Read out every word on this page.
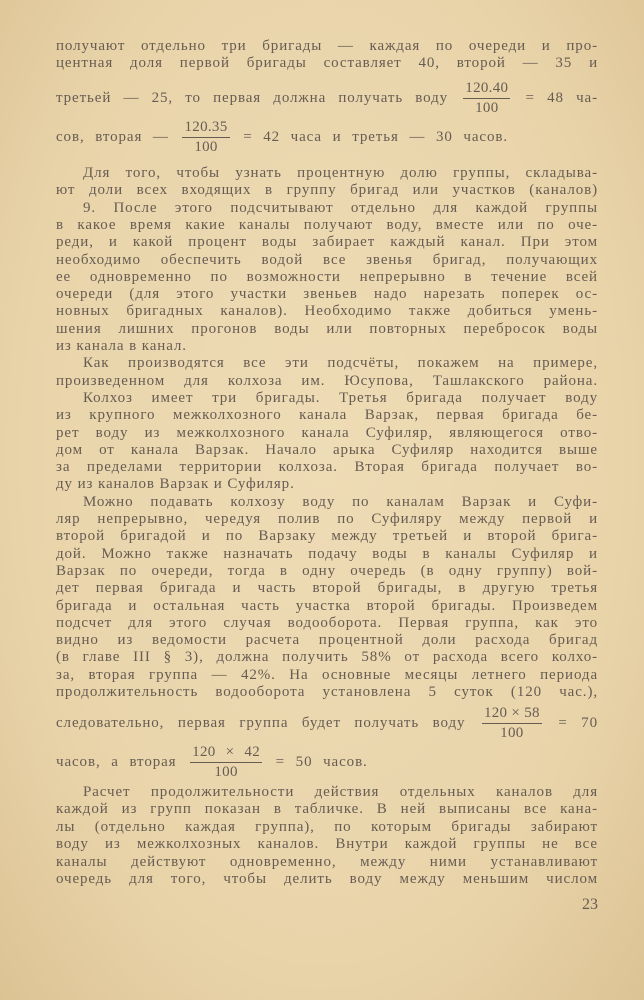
получают отдельно три бригады — каждая по очереди и про-
центная доля первой бригады составляет 40, второй — 35 и
третьей — 25, то первая должна получать воду $\frac{120.40}{100} = 48$ ча-
сов, вторая — $\frac{120.35}{100} = 42$ часа и третья — 30 часов.
Для того, чтобы узнать процентную долю группы, складыва-
ют доли всех входящих в группу бригад или участков (каналов)
9. После этого подсчитывают отдельно для каждой группы
в какое время какие каналы получают воду, вместе или по оче-
реди, и какой процент воды забирает каждый канал. При этом
необходимо обеспечить водой все звенья бригад, получающих
ее одновременно по возможности непрерывно в течение всей
очереди (для этого участки звеньев надо нарезать поперек ос-
новных бригадных каналов). Необходимо также добиться умень-
шения лишних прогонов воды или повторных перебросок воды
из канала в канал.
Как производятся все эти подсчёты, покажем на примере,
произведенном для колхоза им. Юсупова, Ташлакского района.
Колхоз имеет три бригады. Третья бригада получает воду
из крупного межколхозного канала Варзак, первая бригада бе-
рет воду из межколхозного канала Суфиляр, являющегося отво-
дом от канала Варзак. Начало арыка Суфиляр находится выше
за пределами территории колхоза. Вторая бригада получает во-
ду из каналов Варзак и Суфиляр.
Можно подавать колхозу воду по каналам Варзак и Суфи-
ляр непрерывно, чередуя полив по Суфиляру между первой и
второй бригадой и по Варзаку между третьей и второй брига-
дой. Можно также назначать подачу воды в каналы Суфиляр и
Варзак по очереди, тогда в одну очередь (в одну группу) вой-
дет первая бригада и часть второй бригады, в другую третья
бригада и остальная часть участка второй бригады. Произведем
подсчет для этого случая водооборота. Первая группа, как это
видно из ведомости расчета процентной доли расхода бригад
(в главе III § 3), должна получить 58% от расхода всего колхо-
за, вторая группа — 42%. На основные месяцы летнего периода
продолжительность водооборота установлена 5 суток (120 час.),
следовательно, первая группа будет получать воду $\frac{120 \times 58}{100} = 70$
часов, а вторая $\frac{120 \times 42}{100} = 50$ часов.
Расчет продолжительности действия отдельных каналов для
каждой из групп показан в табличке. В ней выписаны все кана-
лы (отдельно каждая группа), по которым бригады забирают
воду из межколхозных каналов. Внутри каждой группы не все
каналы действуют одновременно, между ними устанавливают
очередь для того, чтобы делить воду между меньшим числом
23
